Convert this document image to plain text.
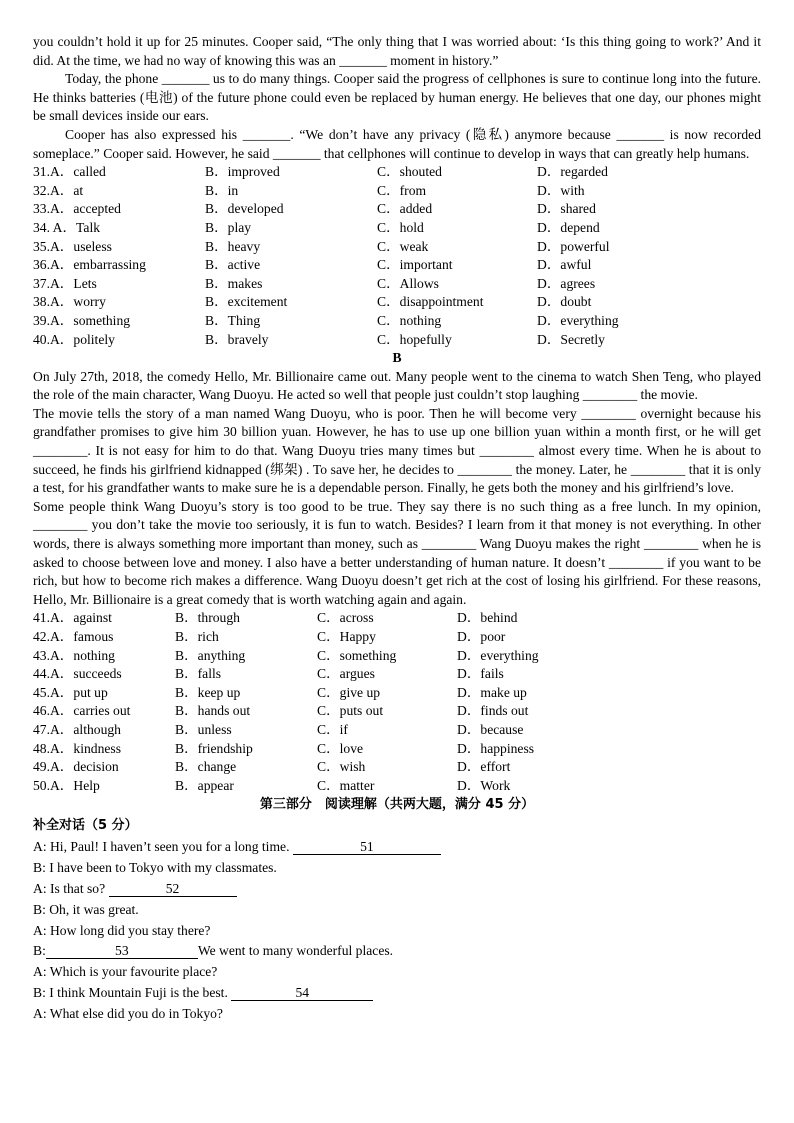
you couldn’t hold it up for 25 minutes. Cooper said, “The only thing that I was worried about: ‘Is this thing going to work?’ And it did. At the time, we had no way of knowing this was an _______ moment in history.”

Today, the phone _______ us to do many things. Cooper said the progress of cellphones is sure to continue long into the future. He thinks batteries (电池) of the future phone could even be replaced by human energy. He believes that one day, our phones might be small devices inside our ears.

Cooper has also expressed his _______. “We don’t have any privacy (隐私) anymore because _______ is now recorded someplace.” Cooper said. However, he said _______ that cellphones will continue to develop in ways that can greatly help humans.

31.A．called	B．improved	C．shouted	D．regarded
32.A．at	B．in	C．from	D．with
33.A．accepted	B．developed	C．added	D．shared
34. A．Talk	B．play	C．hold	D．depend
35.A．useless	B．heavy	C．weak	D．powerful
36.A．embarrassing	B．active	C．important	D．awful
37.A．Lets	B．makes	C．Allows	D．agrees
38.A．worry	B．excitement	C．disappointment	D．doubt
39.A．something	B．Thing	C．nothing	D．everything
40.A．politely	B．bravely	C．hopefully	D．Secretly
B

On July 27th, 2018, the comedy Hello, Mr. Billionaire came out. Many people went to the cinema to watch Shen Teng, who played the role of the main character, Wang Duoyu. He acted so well that people just couldn’t stop laughing ________ the movie.

The movie tells the story of a man named Wang Duoyu, who is poor. Then he will become very ________ overnight because his grandfather promises to give him 30 billion yuan. However, he has to use up one billion yuan within a month first, or he will get ________. It is not easy for him to do that. Wang Duoyu tries many times but ________ almost every time. When he is about to succeed, he finds his girlfriend kidnapped (绑架) . To save her, he decides to ________ the money. Later, he ________ that it is only a test, for his grandfather wants to make sure he is a dependable person. Finally, he gets both the money and his girlfriend’s love.

Some people think Wang Duoyu’s story is too good to be true. They say there is no such thing as a free lunch. In my opinion, ________ you don’t take the movie too seriously, it is fun to watch. Besides? I learn from it that money is not everything. In other words, there is always something more important than money, such as ________ Wang Duoyu makes the right ________ when he is asked to choose between love and money. I also have a better understanding of human nature. It doesn’t ________ if you want to be rich, but how to become rich makes a difference. Wang Duoyu doesn’t get rich at the cost of losing his girlfriend. For these reasons, Hello, Mr. Billionaire is a great comedy that is worth watching again and again.

41.A．against	B．through	C．across	D．behind
42.A．famous	B．rich	C．Happy	D．poor
43.A．nothing	B．anything	C．something	D．everything
44.A．succeeds	B．falls	C．argues	D．fails
45.A．put up	B．keep up	C．give up	D．make up
46.A．carries out	B．hands out	C．puts out	D．finds out
47.A．although	B．unless	C．if	D．because
48.A．kindness	B．friendship	C．love	D．happiness
49.A．decision	B．change	C．wish	D．effort
50.A．Help	B．appear	C．matter	D．Work
第三部分　阅读理解（共两大题，满分 45 分）
补全对话（5 分）
A: Hi, Paul! I haven’t seen you for a long time.	51
B: I have been to Tokyo with my classmates.
A: Is that so?	52
B: Oh, it was great.
A: How long did you stay there?
B:	53	We went to many wonderful places.
A: Which is your favourite place?
B: I think Mountain Fuji is the best.	54
A: What else did you do in Tokyo?
